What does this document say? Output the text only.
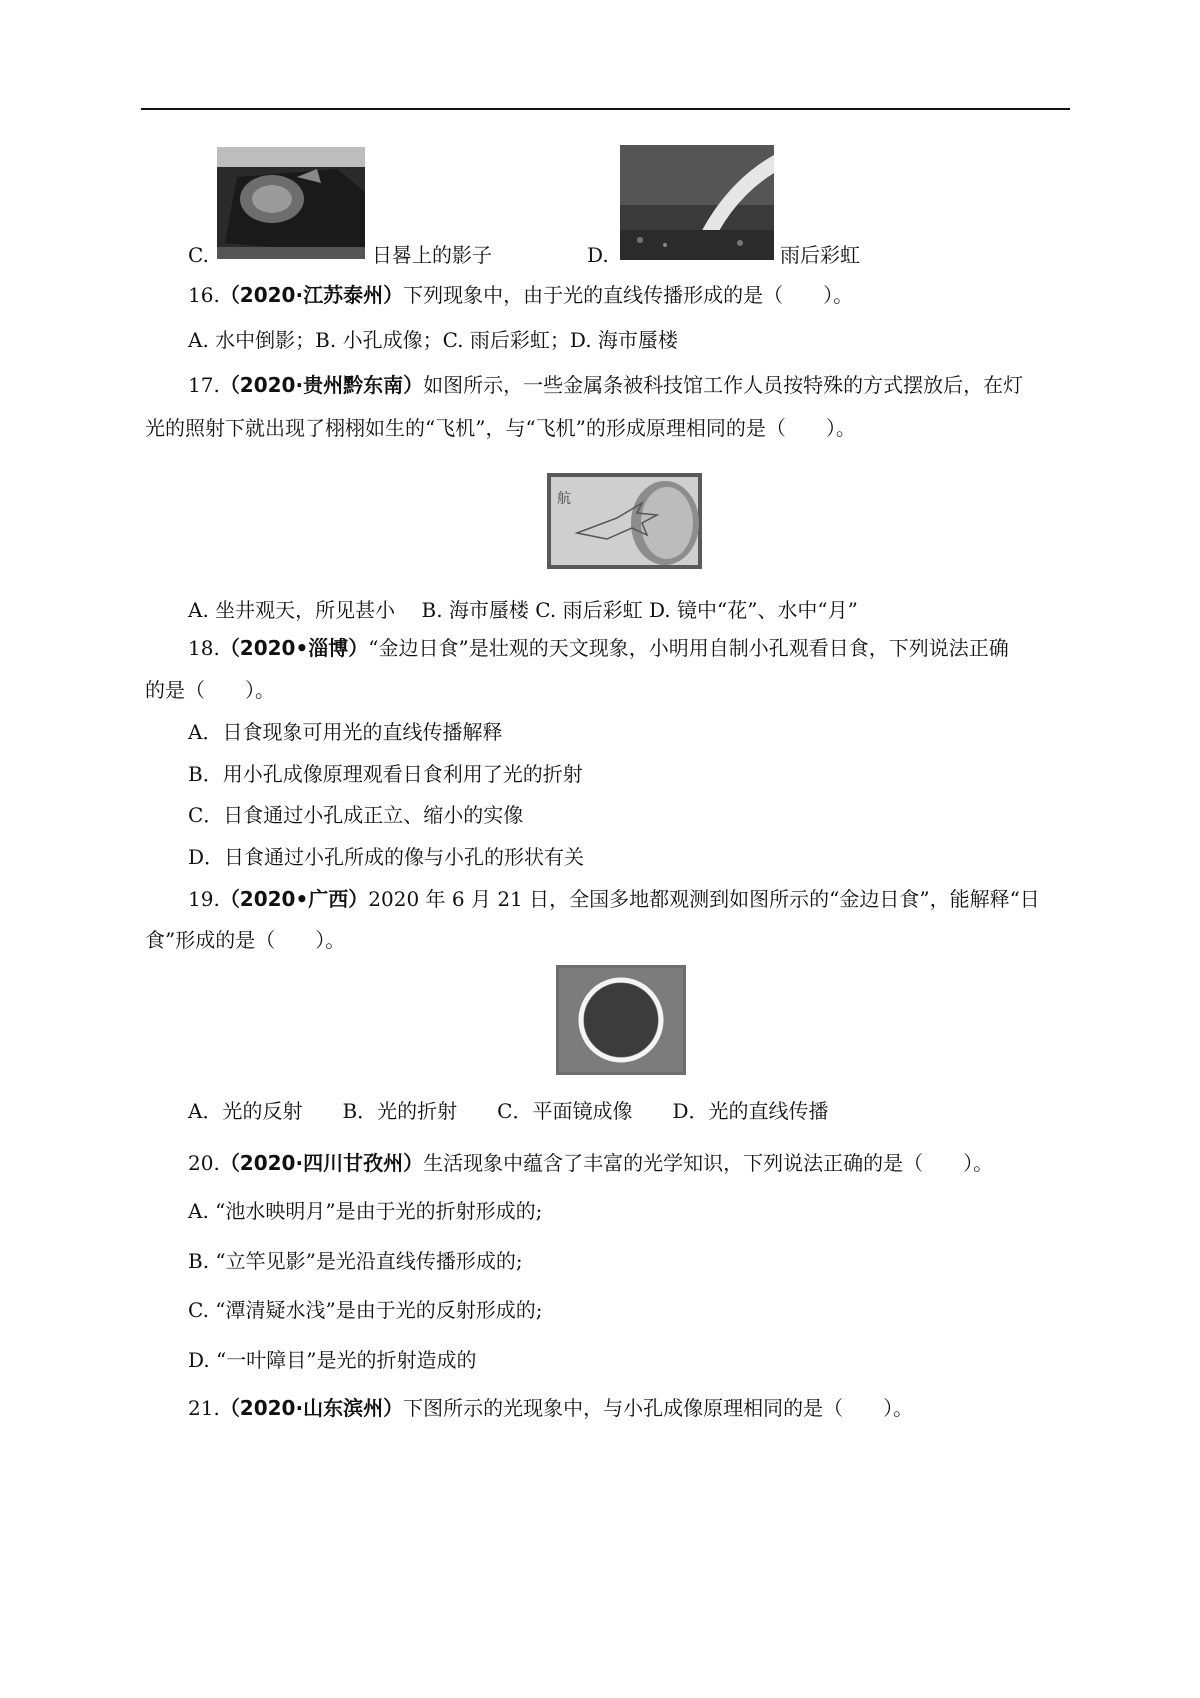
C.	日晷上的影子	D.	雨后彩虹
16.（2020·江苏泰州）下列现象中，由于光的直线传播形成的是（　　）。
A. 水中倒影；B. 小孔成像；C. 雨后彩虹；D. 海市蜃楼
17.（2020·贵州黔东南）如图所示，一些金属条被科技馆工作人员按特殊的方式摆放后，在灯
光的照射下就出现了栩栩如生的“飞机”，与“飞机”的形成原理相同的是（　　）。
航
A. 坐井观天，所见甚小　 B. 海市蜃楼 C. 雨后彩虹 D. 镜中“花”、水中“月”
18.（2020•淄博）“金边日食”是壮观的天文现象，小明用自制小孔观看日食，下列说法正确
的是（　　）。
A．日食现象可用光的直线传播解释
B．用小孔成像原理观看日食利用了光的折射
C．日食通过小孔成正立、缩小的实像
D．日食通过小孔所成的像与小孔的形状有关
19.（2020•广西）2020 年 6 月 21 日，全国多地都观测到如图所示的“金边日食”，能解释“日
食”形成的是（　　）。
A．光的反射　　B．光的折射　　C．平面镜成像　　D．光的直线传播
20.（2020·四川甘孜州）生活现象中蕴含了丰富的光学知识，下列说法正确的是（　　）。
A. “池水映明月”是由于光的折射形成的;
B. “立竿见影”是光沿直线传播形成的;
C. “潭清疑水浅”是由于光的反射形成的;
D. “一叶障目”是光的折射造成的
21.（2020·山东滨州）下图所示的光现象中，与小孔成像原理相同的是（　　）。
